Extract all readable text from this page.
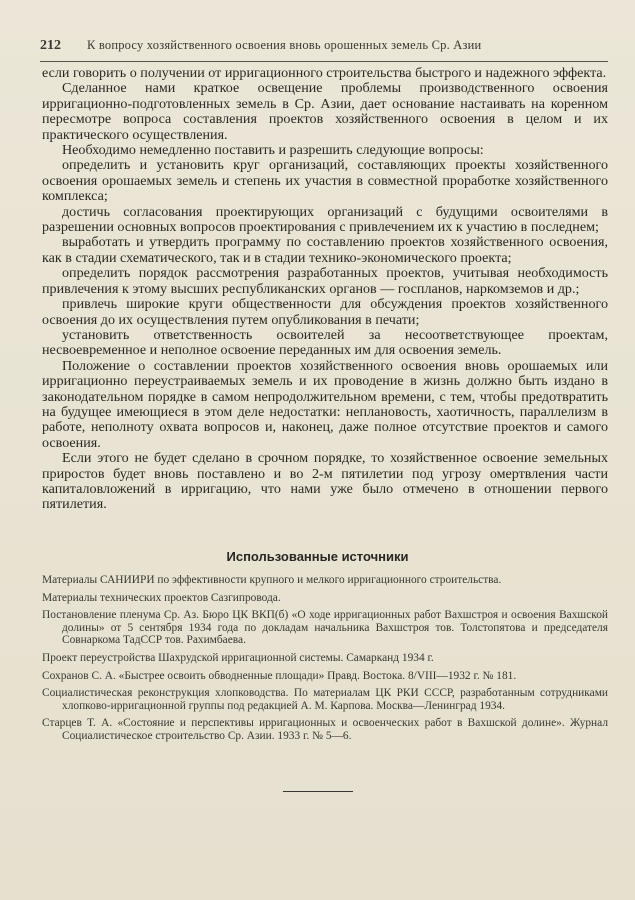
212 К вопросу хозяйственного освоения вновь орошенных земель Ср. Азии

если говорить о получении от ирригационного строительства быстрого и надежного эффекта.

Сделанное нами краткое освещение проблемы производственного освоения ирригационно-подготовленных земель в Ср. Азии, дает основание настаивать на коренном пересмотре вопроса составления проектов хозяйственного освоения в целом и их практического осуществления.

Необходимо немедленно поставить и разрешить следующие вопросы:

определить и установить круг организаций, составляющих проекты хозяйственного освоения орошаемых земель и степень их участия в совместной проработке хозяйственного комплекса;

достичь согласования проектирующих организаций с будущими освоителями в разрешении основных вопросов проектирования с привлечением их к участию в последнем;

выработать и утвердить программу по составлению проектов хозяйственного освоения, как в стадии схематического, так и в стадии технико-экономического проекта;

определить порядок рассмотрения разработанных проектов, учитывая необходимость привлечения к этому высших республиканских органов — госпланов, наркомземов и др.;

привлечь широкие круги общественности для обсуждения проектов хозяйственного освоения до их осуществления путем опубликования в печати;

установить ответственность освоителей за несоответствующее проектам, несвоевременное и неполное освоение переданных им для освоения земель.

Положение о составлении проектов хозяйственного освоения вновь орошаемых или ирригационно переустраиваемых земель и их проводение в жизнь должно быть издано в законодательном порядке в самом непродолжительном времени, с тем, чтобы предотвратить на будущее имеющиеся в этом деле недостатки: неплановость, хаотичность, параллелизм в работе, неполноту охвата вопросов и, наконец, даже полное отсутствие проектов и самого освоения.

Если этого не будет сделано в срочном порядке, то хозяйственное освоение земельных приростов будет вновь поставлено и во 2-м пятилетии под угрозу омертвления части капиталовложений в ирригацию, что нами уже было отмечено в отношении первого пятилетия.

Использованные источники

Материалы САНИИРИ по эффективности крупного и мелкого ирригационного строительства.

Материалы технических проектов Сазгипровода.

Постановление пленума Ср. Аз. Бюро ЦК ВКП(б) «О ходе ирригационных работ Вахшстроя и освоения Вахшской долины» от 5 сентября 1934 года по докладам начальника Вахшстроя тов. Толстопятова и председателя Совнаркома ТадССР тов. Рахимбаева.

Проект переустройства Шахрудской ирригационной системы. Самарканд 1934 г.

Сохранов С. А. «Быстрее освоить обводненные площади» Правд. Востока. 8/VIII—1932 г. № 181.

Социалистическая реконструкция хлопководства. По материалам ЦК РКИ СССР, разработанным сотрудниками хлопково-ирригационной группы под редакцией А. М. Карпова. Москва—Ленинград 1934.

Старцев Т. А. «Состояние и перспективы ирригационных и освоенческих работ в Вахшской долине». Журнал Социалистическое строительство Ср. Азии. 1933 г. № 5—6.
